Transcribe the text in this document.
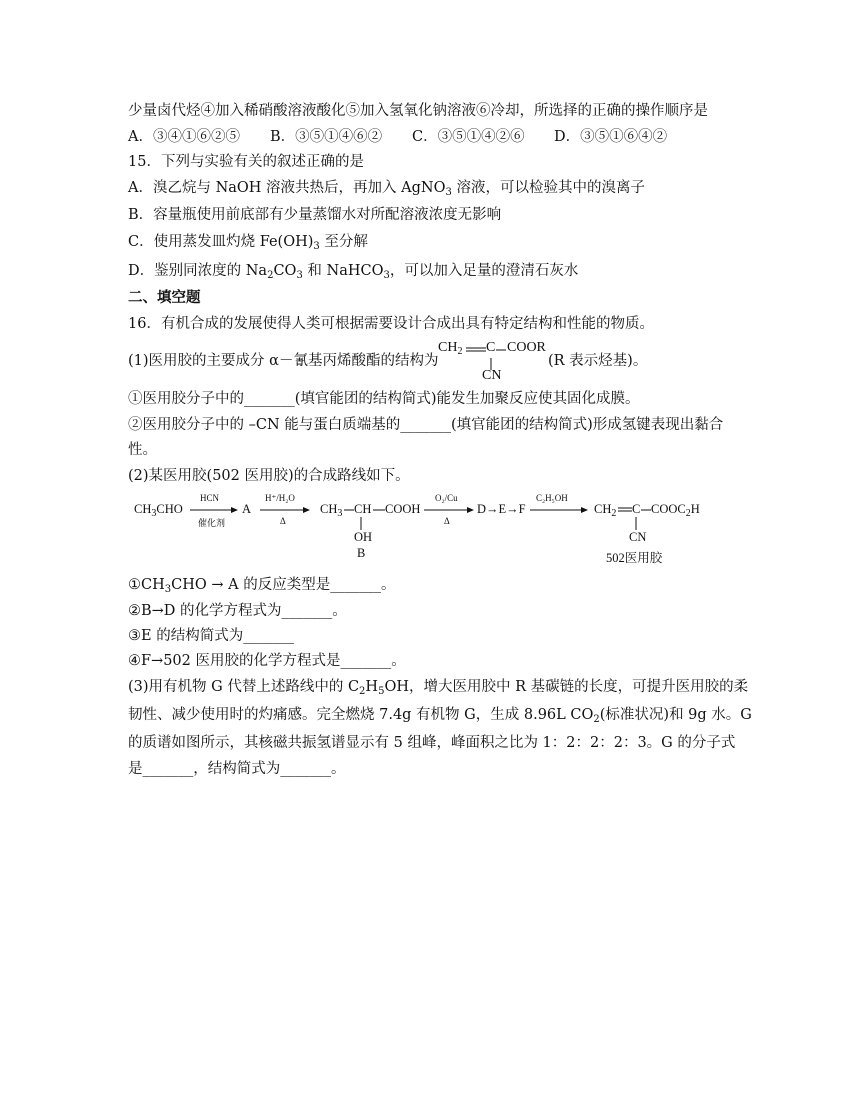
少量卤代烃④加入稀硝酸溶液酸化⑤加入氢氧化钠溶液⑥冷却，所选择的正确的操作顺序是
A．③④①⑥②⑤ B．③⑤①④⑥② C．③⑤①④②⑥ D．③⑤①⑥④②
15．下列与实验有关的叙述正确的是
A．溴乙烷与 NaOH 溶液共热后，再加入 AgNO$_3$ 溶液，可以检验其中的溴离子
B．容量瓶使用前底部有少量蒸馏水对所配溶液浓度无影响
C．使用蒸发皿灼烧 $Fe(OH)_3$ 至分解
D．鉴别同浓度的 $Na_2CO_3$ 和 NaHCO$_3$，可以加入足量的澄清石灰水
二、填空题
16．有机合成的发展使得人类可根据需要设计合成出具有特定结构和性能的物质。
(1)医用胶的主要成分 α－氰基丙烯酸酯的结构为
$CH_2$ C COOR
CN
(R 表示烃基)。
①医用胶分子中的_______(填官能团的结构简式)能发生加聚反应使其固化成膜。
②医用胶分子中的 –CN 能与蛋白质端基的_______(填官能团的结构简式)形成氢键表现出黏合
性。
(2)某医用胶(502 医用胶)的合成路线如下。
$CH_3CHO$
HCN
催化剂
A
H⁺/H₂O
Δ
$CH_3$ CH COOH
OH
B
O₂/Cu
Δ
D→E→F
C₂H₅OH
$CH_2$ C $COOC_2H$
CN
502医用胶
$①CH_3CHO \to A$ 的反应类型是_______。
②B→D 的化学方程式为_______。
③E 的结构简式为_______
④F→502 医用胶的化学方程式是_______。
(3)用有机物 G 代替上述路线中的 $C_2H_5OH$，增大医用胶中 R 基碳链的长度，可提升医用胶的柔
韧性、减少使用时的灼痛感。完全燃烧 7.4g 有机物 G，生成 8.96L $CO_2$(标准状况)和 9g 水。G
的质谱如图所示，其核磁共振氢谱显示有 5 组峰，峰面积之比为 1：2：2：2：3。G 的分子式
是_______，结构简式为_______。
